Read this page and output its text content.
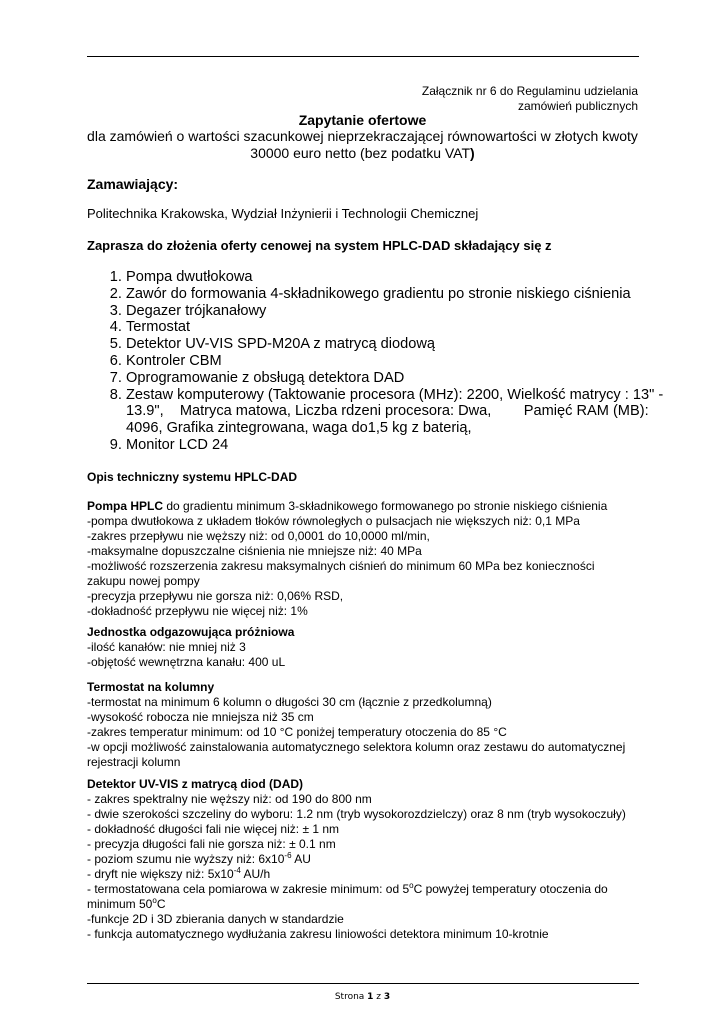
Załącznik nr 6 do Regulaminu udzielania
zamówień publicznych
Zapytanie ofertowe
dla zamówień o wartości szacunkowej nieprzekraczającej równowartości w złotych kwoty
30000 euro netto (bez podatku VAT)
Zamawiający:
Politechnika Krakowska, Wydział Inżynierii i Technologii Chemicznej
Zaprasza do złożenia oferty cenowej na system HPLC-DAD składający się z
1. Pompa dwutłokowa
2. Zawór do formowania 4-składnikowego gradientu po stronie niskiego ciśnienia
3. Degazer trójkanałowy
4. Termostat
5. Detektor UV-VIS SPD-M20A z matrycą diodową
6. Kontroler CBM
7. Oprogramowanie z obsługą detektora DAD
8. Zestaw komputerowy (Taktowanie procesora (MHz): 2200, Wielkość matrycy : 13" - 13.9",    Matryca matowa, Liczba rdzeni procesora: Dwa,        Pamięć RAM (MB):    4096, Grafika zintegrowana, waga do1,5 kg z baterią,
9. Monitor LCD 24
Opis techniczny systemu HPLC-DAD
Pompa HPLC do gradientu minimum 3-składnikowego formowanego po stronie niskiego ciśnienia
-pompa dwutłokowa z układem tłoków równoległych o pulsacjach nie większych niż: 0,1 MPa
-zakres przepływu nie węższy niż: od 0,0001 do 10,0000 ml/min,
-maksymalne dopuszczalne ciśnienia nie mniejsze niż: 40 MPa
-możliwość rozszerzenia zakresu maksymalnych ciśnień do minimum 60 MPa bez konieczności zakupu nowej pompy
-precyzja przepływu nie gorsza niż: 0,06% RSD,
-dokładność przepływu nie więcej niż: 1%
Jednostka odgazowująca próżniowa
-ilość kanałów: nie mniej niż 3
-objętość wewnętrzna kanału: 400 uL
Termostat na kolumny
-termostat na minimum 6 kolumn o długości 30 cm (łącznie z przedkolumną)
-wysokość robocza nie mniejsza niż 35 cm
-zakres temperatur minimum: od 10 °C poniżej temperatury otoczenia do 85 °C
-w opcji możliwość zainstalowania automatycznego selektora kolumn oraz zestawu do automatycznej rejestracji kolumn
Detektor UV-VIS z matrycą diod (DAD)
- zakres spektralny nie węższy niż: od 190 do 800 nm
- dwie szerokości szczeliny do wyboru: 1.2 nm (tryb wysokorozdzielczy) oraz 8 nm (tryb wysokoczuły)
- dokładność długości fali nie więcej niż: ± 1 nm
- precyzja długości fali nie gorsza niż: ± 0.1 nm
- poziom szumu nie wyższy niż: $6x10^{-6}$ AU
- dryft nie większy niż: $5x10^{-4}$ AU/h
- termostatowana cela pomiarowa w zakresie minimum: od 5$^o$C powyżej temperatury otoczenia do minimum 50$^o$C
-funkcje 2D i 3D zbierania danych w standardzie
- funkcja automatycznego wydłużania zakresu liniowości detektora minimum 10-krotnie
Strona 1 z 3
